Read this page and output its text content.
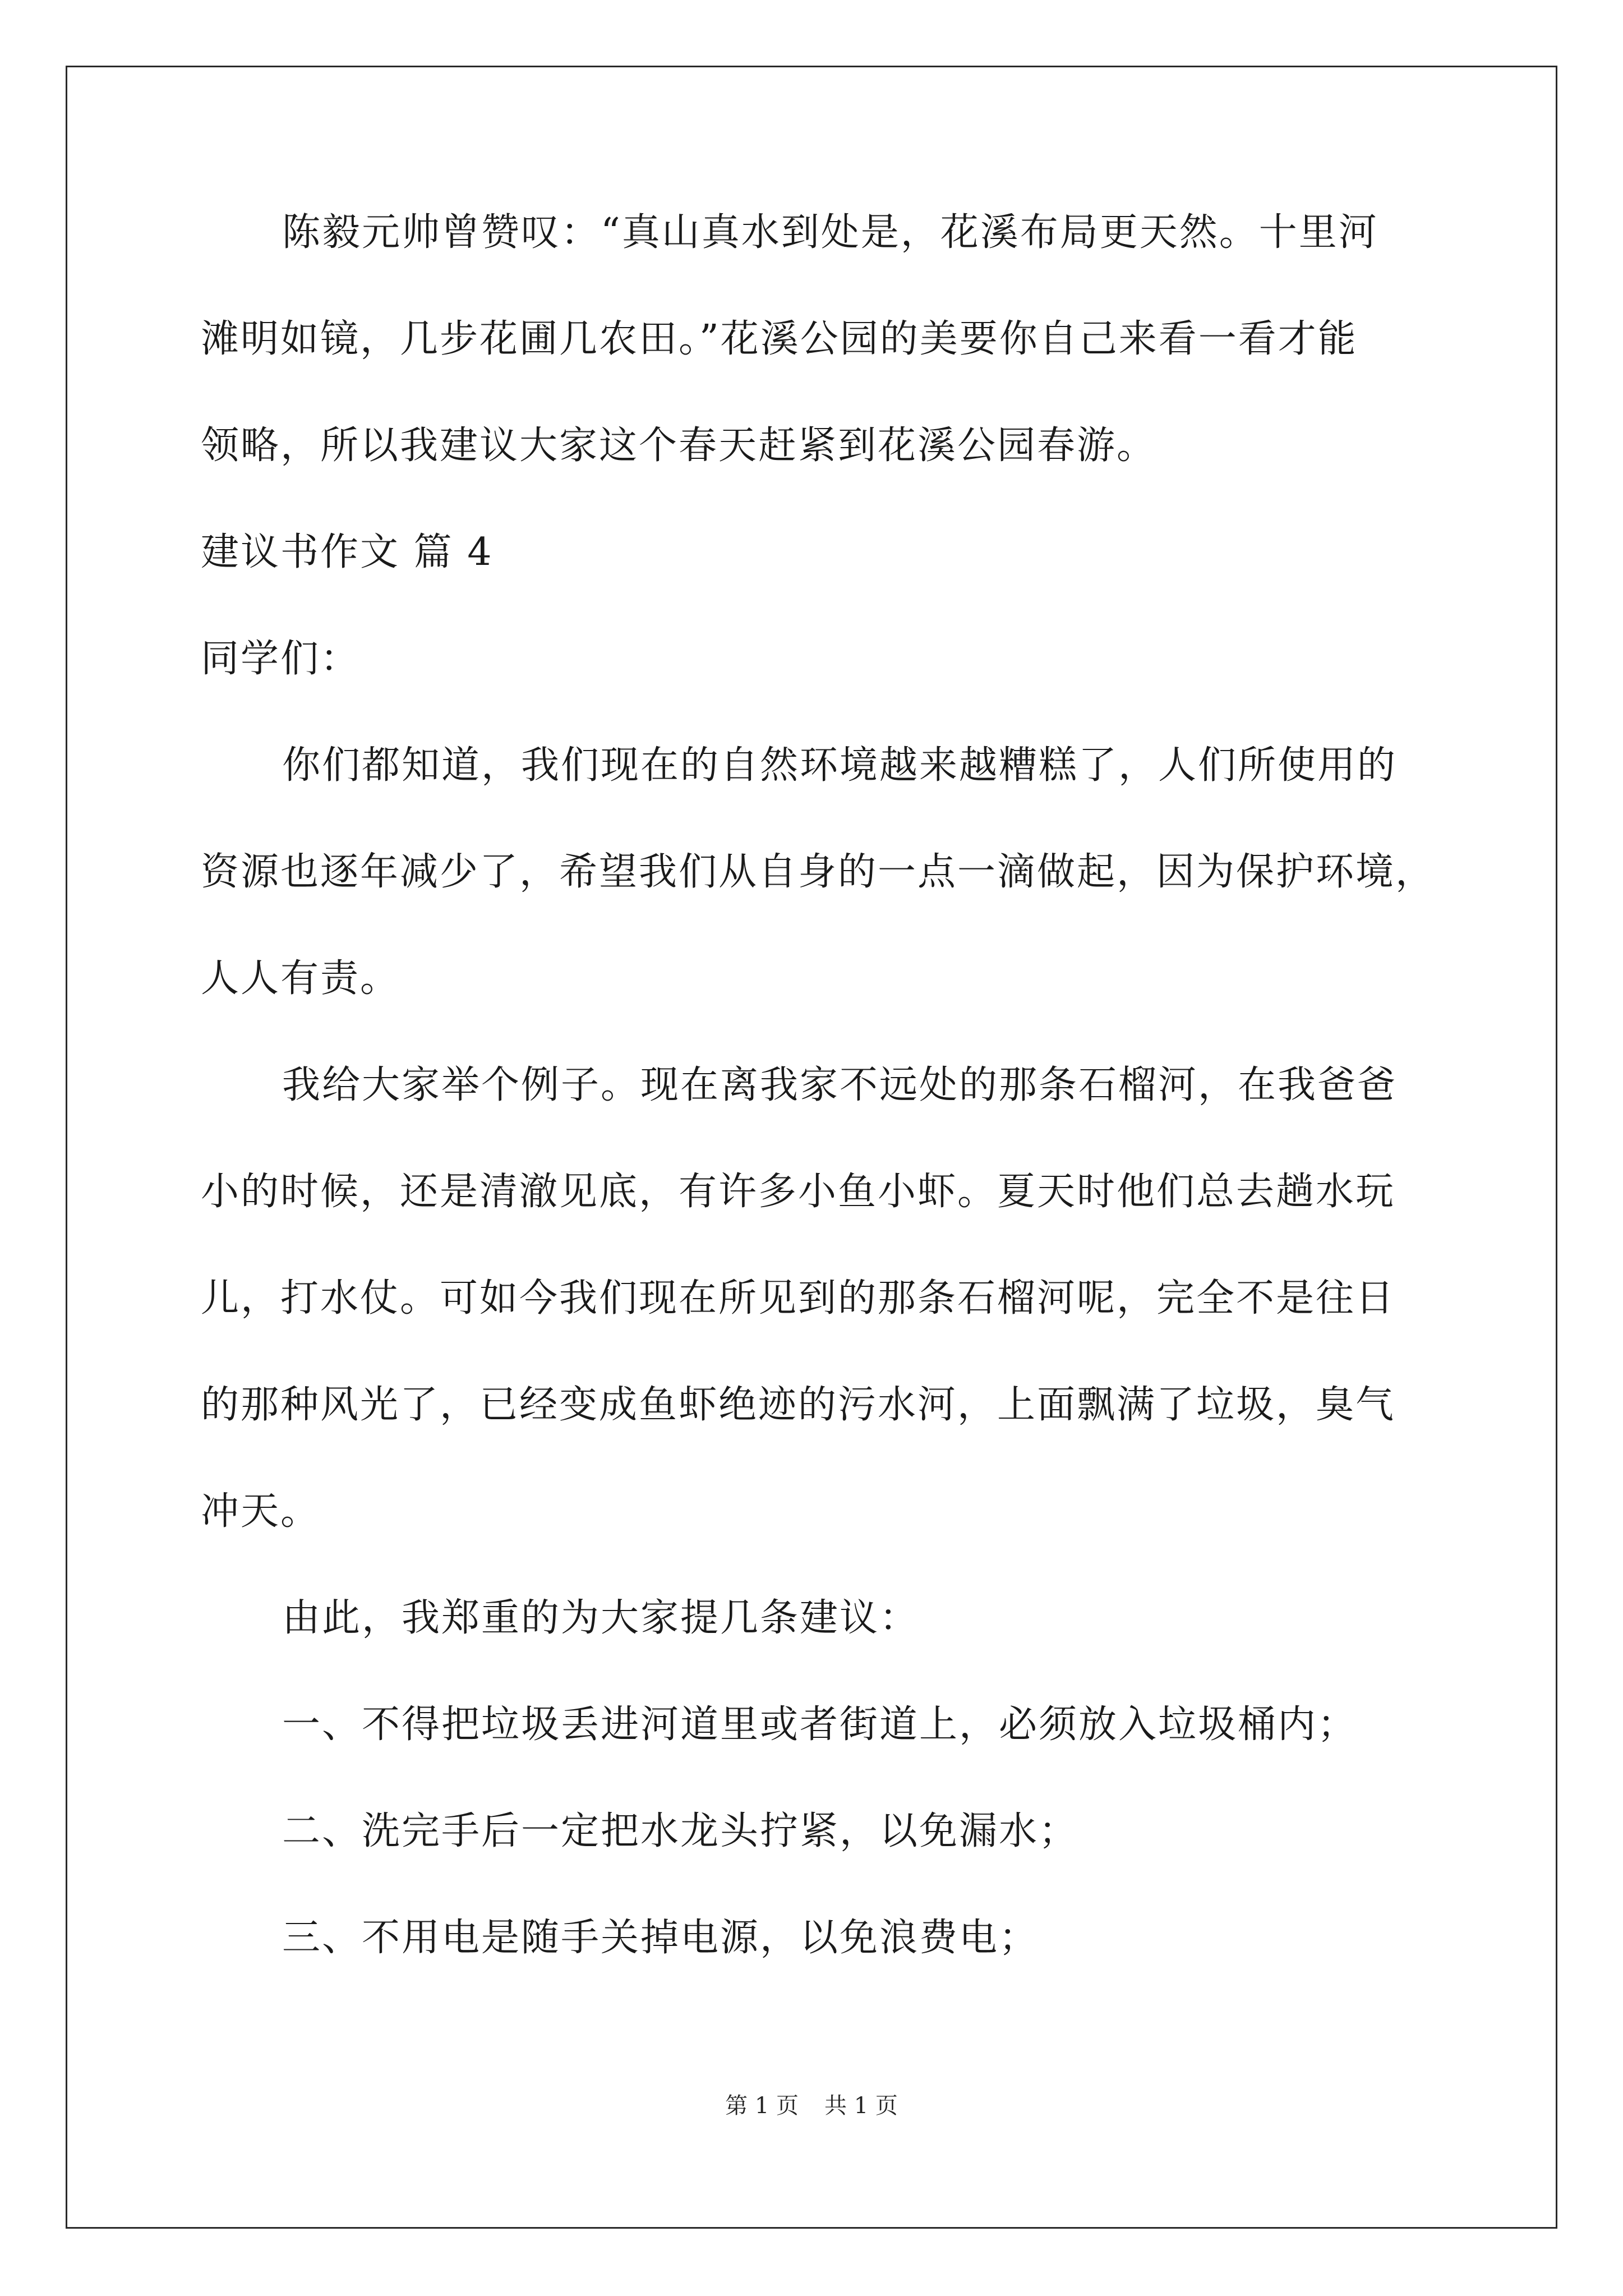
陈毅元帅曾赞叹：“真山真水到处是，花溪布局更天然。十里河
滩明如镜，几步花圃几农田。”花溪公园的美要你自己来看一看才能
领略，所以我建议大家这个春天赶紧到花溪公园春游。
建议书作文 篇 4
同学们：
你们都知道，我们现在的自然环境越来越糟糕了，人们所使用的
资源也逐年减少了，希望我们从自身的一点一滴做起，因为保护环境，
人人有责。
我给大家举个例子。现在离我家不远处的那条石榴河，在我爸爸
小的时候，还是清澈见底，有许多小鱼小虾。夏天时他们总去趟水玩
儿，打水仗。可如今我们现在所见到的那条石榴河呢，完全不是往日
的那种风光了，已经变成鱼虾绝迹的污水河，上面飘满了垃圾，臭气
冲天。
由此，我郑重的为大家提几条建议：
一、不得把垃圾丢进河道里或者街道上，必须放入垃圾桶内；
二、洗完手后一定把水龙头拧紧，以免漏水；
三、不用电是随手关掉电源，以免浪费电；
第 1 页 共 1 页
